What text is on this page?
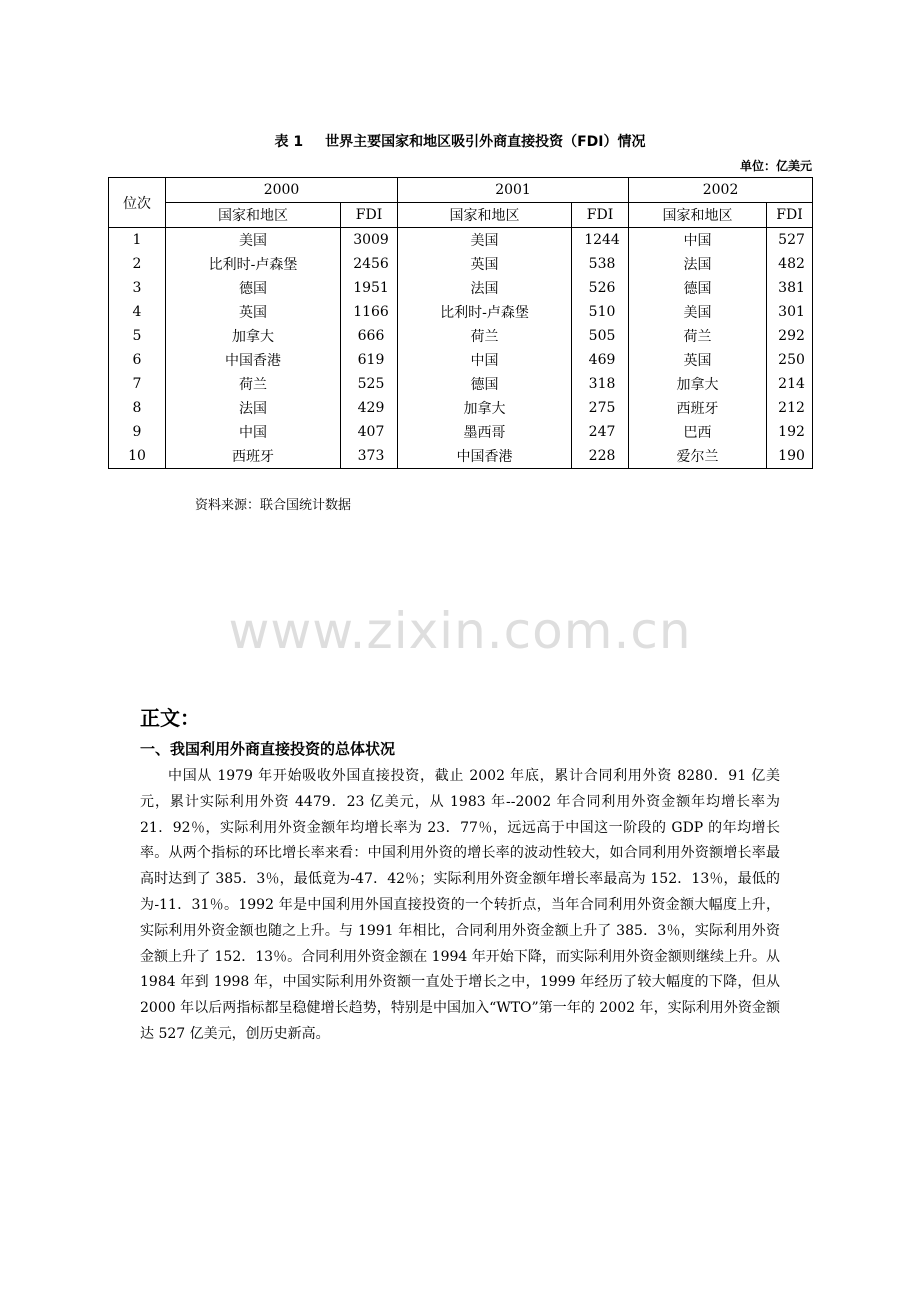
表 1 世界主要国家和地区吸引外商直接投资（FDI）情况
单位：亿美元
位次	2000		2001		2002	
	国家和地区	FDI	国家和地区	FDI	国家和地区	FDI
1	美国	3009	美国	1244	中国	527
2	比利时-卢森堡	2456	英国	538	法国	482
3	德国	1951	法国	526	德国	381
4	英国	1166	比利时-卢森堡	510	美国	301
5	加拿大	666	荷兰	505	荷兰	292
6	中国香港	619	中国	469	英国	250
7	荷兰	525	德国	318	加拿大	214
8	法国	429	加拿大	275	西班牙	212
9	中国	407	墨西哥	247	巴西	192
10	西班牙	373	中国香港	228	爱尔兰	190
资料来源：联合国统计数据
www.zixin.com.cn
正文：
一、我国利用外商直接投资的总体状况
中国从 1979 年开始吸收外国直接投资，截止 2002 年底，累计合同利用外资 8280．91 亿美元，累计实际利用外资 4479．23 亿美元，从 1983 年--2002 年合同利用外资金额年均增长率为 21．92％，实际利用外资金额年均增长率为 23．77％，远远高于中国这一阶段的 GDP 的年均增长率。从两个指标的环比增长率来看：中国利用外资的增长率的波动性较大，如合同利用外资额增长率最高时达到了 385．3％，最低竟为-47．42％；实际利用外资金额年增长率最高为 152．13％，最低的为-11．31％。1992 年是中国利用外国直接投资的一个转折点，当年合同利用外资金额大幅度上升，实际利用外资金额也随之上升。与 1991 年相比，合同利用外资金额上升了 385．3％，实际利用外资金额上升了 152．13％。合同利用外资金额在 1994 年开始下降，而实际利用外资金额则继续上升。从 1984 年到 1998 年，中国实际利用外资额一直处于增长之中，1999 年经历了较大幅度的下降，但从 2000 年以后两指标都呈稳健增长趋势，特别是中国加入“WTO”第一年的 2002 年，实际利用外资金额达 527 亿美元，创历史新高。
